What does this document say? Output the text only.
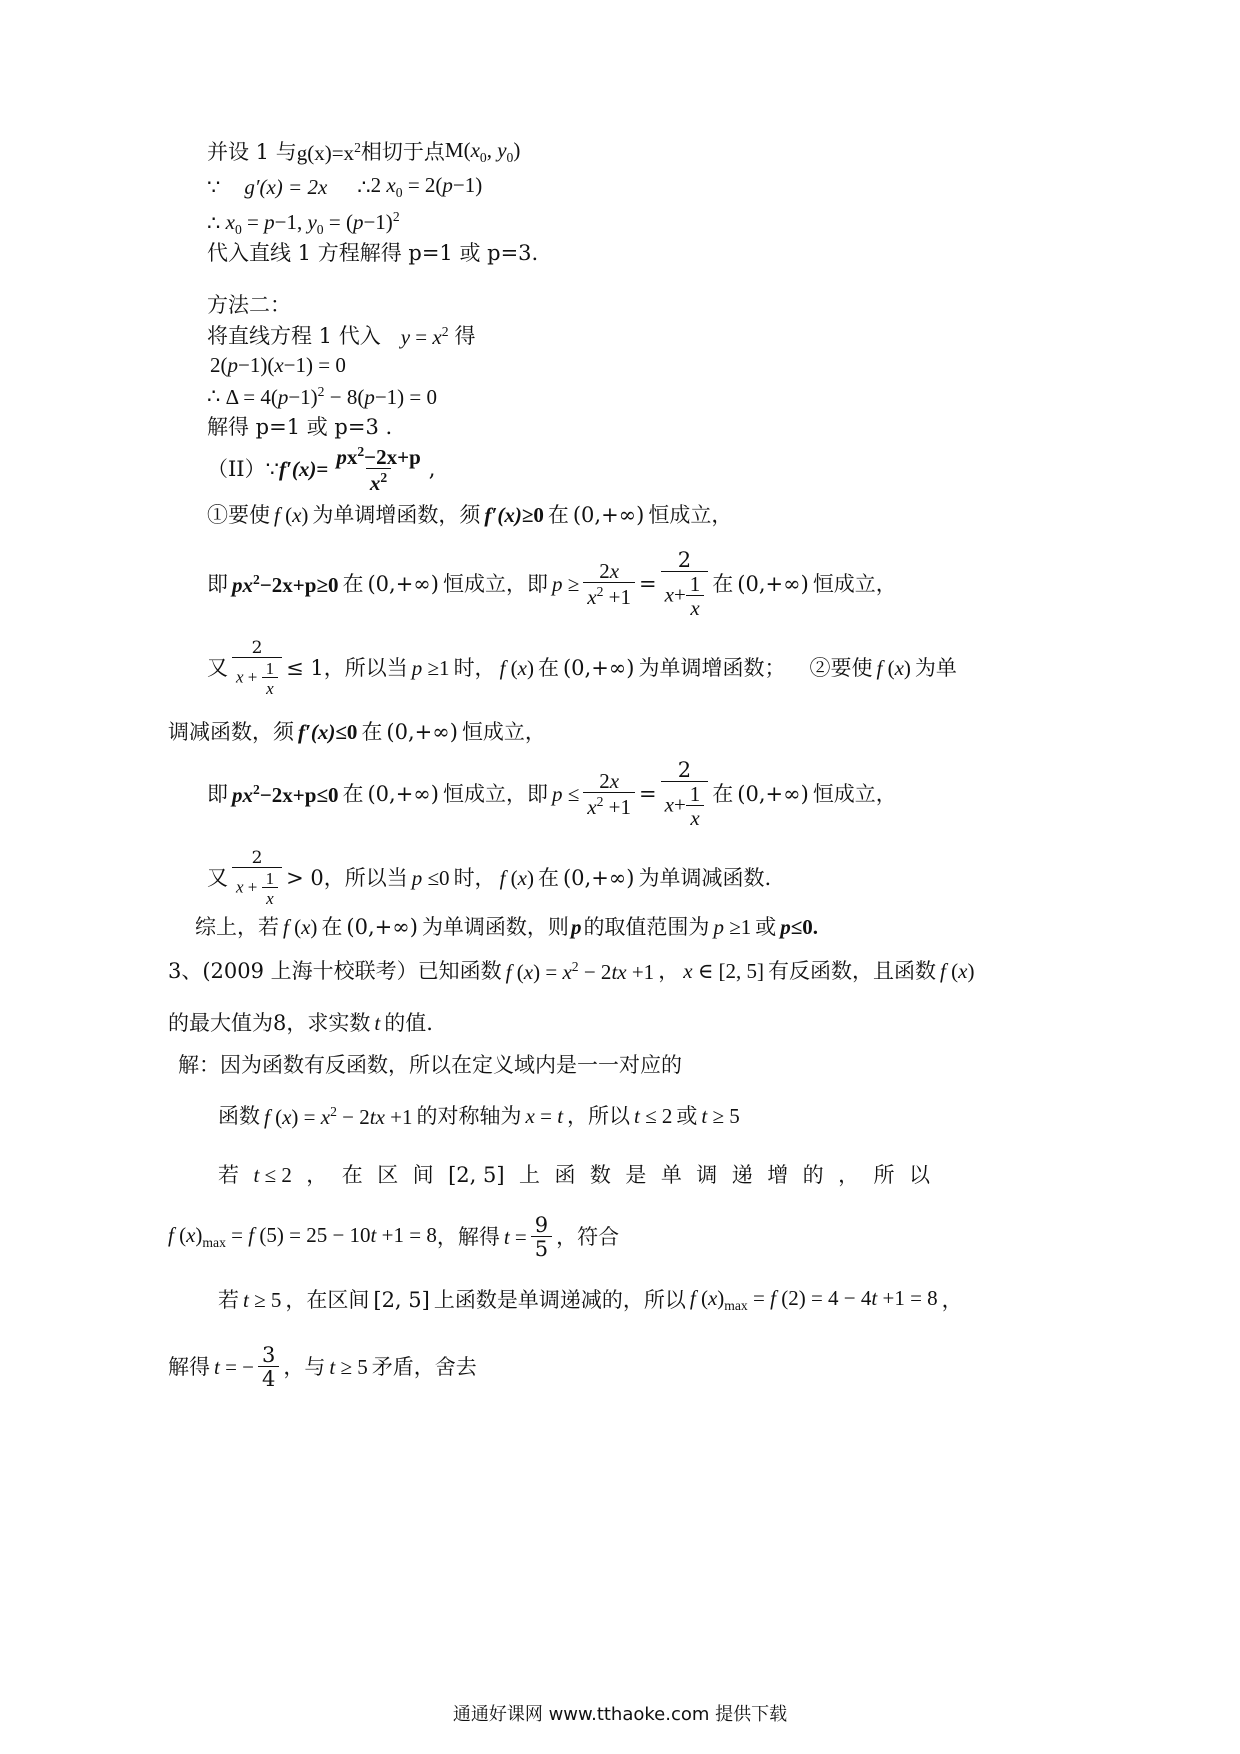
并设 1 与 $g(x)=x^2$ 相切于点 $M(x_0$, $y_0$)
∵ g′(x) = 2x ∴ 2 $x_0 = 2(p-1)$
∴ $x_0 = p-1$, $y_0 = (p-1)^2$
代入直线 1 方程解得 p=1 或 p=3.
方法二：
将直线方程 1 代入 $y = x^2$ 得
2(p−1)(x−1) = 0
∴ $\Delta = 4(p-1)^2 - 8(p-1) = 0$
解得 p=1 或 p=3 .
（II） ∵ $f'(x)= \frac{px^2-2x+p}{x^2}$ ,
①要使 f (x) 为单调增函数，须 f′(x)≥0 在 (0,+∞) 恒成立，
即 $px^2-2x+p\ge 0$ 在 (0,+∞) 恒成立，即 $p \ge \frac{2x}{x^2 +1} = \frac{2}{x+ \frac{1}{x}}$ 在 (0,+∞) 恒成立，
又 $\frac{2}{x + \frac{1}{x}} \le 1$ ，所以当 p ≥1 时， f (x) 在 (0,+∞) 为单调增函数； ②要使 f (x) 为单
调减函数，须 f′(x)≤0 在 (0,+∞) 恒成立，
即 $px^2-2x+p\le 0$ 在 (0,+∞) 恒成立，即 $p \le \frac{2x}{x^2 +1} = \frac{2}{x+ \frac{1}{x}}$ 在 (0,+∞) 恒成立，
又 $\frac{2}{x + \frac{1}{x}} > 0$ ，所以当 p ≤0 时， f (x) 在 (0,+∞) 为单调减函数.
综上，若 f (x) 在 (0,+∞) 为单调函数，则 p 的取值范围为 p ≥1 或 p≤0.
3、(2009 上海十校联考）已知函数 f $(x) = x^2 - 2tx +1$ ， x ∈ [2, 5] 有反函数，且函数 f (x)
的最大值为 8 ，求实数 t 的值.
解：因为函数有反函数，所以在定义域内是一一对应的
函数 f $(x) = x^2 - 2tx +1$ 的对称轴为 x = t ，所以 t ≤ 2 或 t ≥ 5
若 t ≤ 2 ， 在 区 间 [2, 5] 上 函 数 是 单 调 递 增 的 ， 所 以
f $(x)_{max} = f$ (5) = 25 − 10t +1 = 8 ，解得 $t = \frac{9}{5}$ ，符合
若 t ≥ 5 ，在区间 [2, 5] 上函数是单调递减的，所以 f $(x)_{max} = f$ (2) = 4 − 4t +1 = 8 ，
解得 t = − $\frac{3}{4}$ ，与 t ≥ 5 矛盾，舍去
通通好课网 www.tthaoke.com 提供下载
